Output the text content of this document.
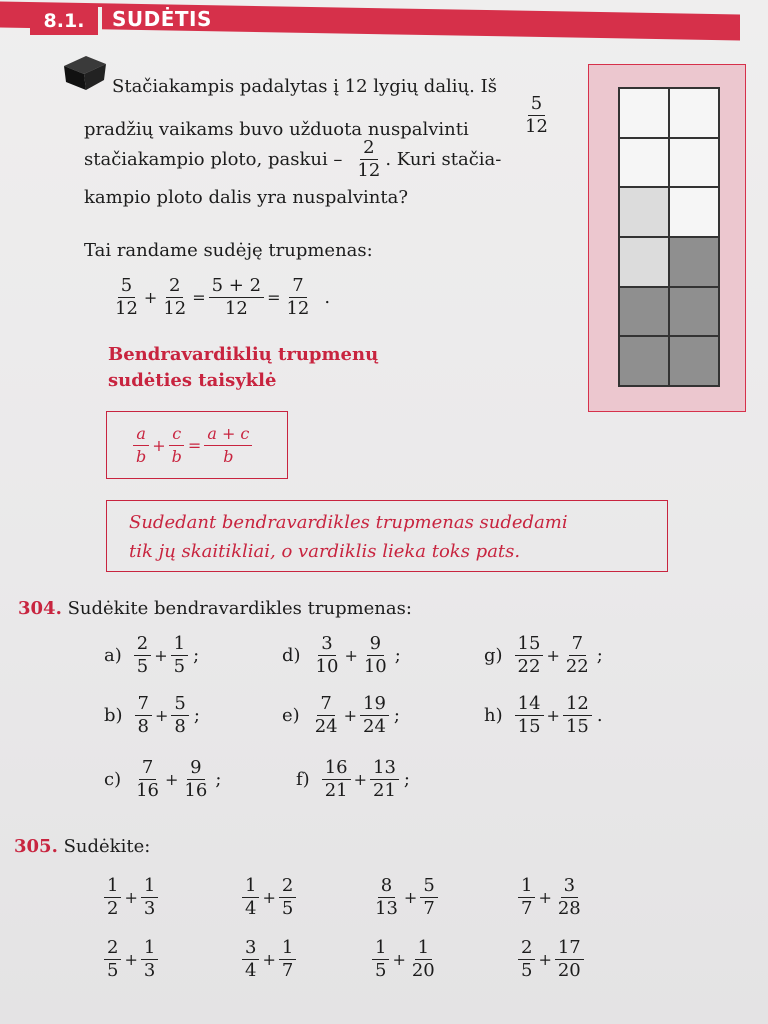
8.1.	SUDĖTIS
Stačiakampis padalytas į 12 lygių dalių. Iš
pradžių vaikams buvo užduota nuspalvinti	$\frac{5}{12}$
stačiakampio ploto, paskui – $\frac{2}{12}$ . Kuri stačia-
kampio ploto dalis yra nuspalvinta?
Tai randame sudėję trupmenas:
$\frac{5}{12} + \frac{2}{12} = \frac{5 + 2}{12} = \frac{7}{12}$ .
Bendravardiklių trupmenų
sudėties taisyklė
$\frac{a}{b} + \frac{c}{b} = \frac{a + c}{b}$
Sudedant bendravardikles trupmenas sudedami
tik jų skaitikliai, o vardiklis lieka toks pats.
304. Sudėkite bendravardikles trupmenas:
$a) \frac{2}{5} + \frac{1}{5}$ ;
$b) \frac{7}{8} + \frac{5}{8}$ ;
$c) \frac{7}{16} + \frac{9}{16}$ ;
$d) \frac{3}{10} + \frac{9}{10}$ ;
$e) \frac{7}{24} + \frac{19}{24}$ ;
$f) \frac{16}{21} + \frac{13}{21}$ ;
$g) \frac{15}{22} + \frac{7}{22}$ ;
$h) \frac{14}{15} + \frac{12}{15}$ .
305. Sudėkite:
$\frac{1}{2} + \frac{1}{3}$	$\frac{1}{4} + \frac{2}{5}$	$\frac{8}{13} + \frac{5}{7}$	$\frac{1}{7} + \frac{3}{28}$
$\frac{2}{5} + \frac{1}{3}$	$\frac{3}{4} + \frac{1}{7}$	$\frac{1}{5} + \frac{1}{20}$	$\frac{2}{5} + \frac{17}{20}$
